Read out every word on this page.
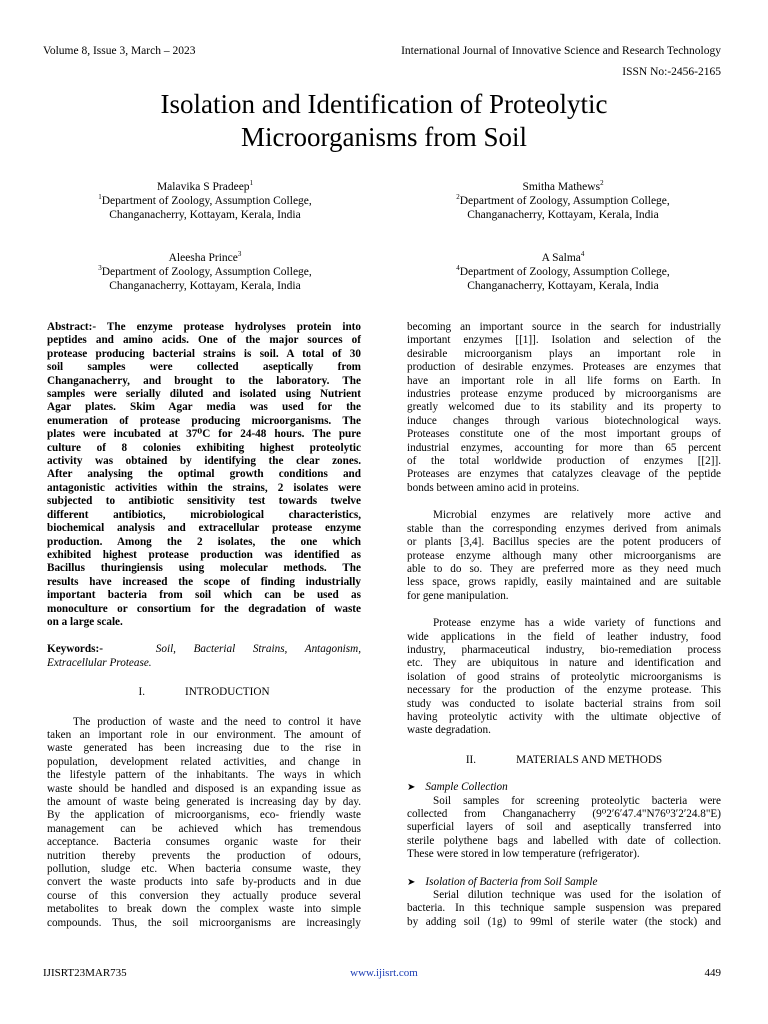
Volume 8, Issue 3, March – 2023	International Journal of Innovative Science and Research Technology
ISSN No:-2456-2165
Isolation and Identification of Proteolytic
Microorganisms from Soil
Malavika S Pradeep$^1$
$^1$Department of Zoology, Assumption College,
Changanacherry, Kottayam, Kerala, India
Smitha Mathews$^2$
$^2$Department of Zoology, Assumption College,
Changanacherry, Kottayam, Kerala, India
Aleesha Prince$^3$
$^3$Department of Zoology, Assumption College,
Changanacherry, Kottayam, Kerala, India
A Salma$^4$
$^4$Department of Zoology, Assumption College,
Changanacherry, Kottayam, Kerala, India
Abstract:- The enzyme protease hydrolyses protein into
peptides and amino acids. One of the major sources of
protease producing bacterial strains is soil. A total of 30
soil samples were collected aseptically from
Changanacherry, and brought to the laboratory. The
samples were serially diluted and isolated using Nutrient
Agar plates. Skim Agar media was used for the
enumeration of protease producing microorganisms. The
plates were incubated at 37⁰C for 24-48 hours. The pure
culture of 8 colonies exhibiting highest proteolytic
activity was obtained by identifying the clear zones.
After analysing the optimal growth conditions and
antagonistic activities within the strains, 2 isolates were
subjected to antibiotic sensitivity test towards twelve
different antibiotics, microbiological characteristics,
biochemical analysis and extracellular protease enzyme
production. Among the 2 isolates, the one which
exhibited highest protease production was identified as
Bacillus thuringiensis using molecular methods. The
results have increased the scope of finding industrially
important bacteria from soil which can be used as
monoculture or consortium for the degradation of waste
on a large scale.
Keywords:-	Soil, Bacterial Strains, Antagonism,
Extracellular Protease.
I.	INTRODUCTION
The production of waste and the need to control it have
taken an important role in our environment. The amount of
waste generated has been increasing due to the rise in
population, development related activities, and change in
the lifestyle pattern of the inhabitants. The ways in which
waste should be handled and disposed is an expanding issue as
the amount of waste being generated is increasing day by day.
By the application of microorganisms, eco- friendly waste
management can be achieved which has tremendous
acceptance. Bacteria consumes organic waste for their
nutrition thereby prevents the production of odours,
pollution, sludge etc. When bacteria consume waste, they
convert the waste products into safe by-products and in due
course of this conversion they actually produce several
metabolites to break down the complex waste into simple
compounds. Thus, the soil microorganisms are increasingly
becoming an important source in the search for industrially
important enzymes [[1]]. Isolation and selection of the
desirable microorganism plays an important role in
production of desirable enzymes. Proteases are enzymes that
have an important role in all life forms on Earth. In
industries protease enzyme produced by microorganisms are
greatly welcomed due to its stability and its property to
induce changes through various biotechnological ways.
Proteases constitute one of the most important groups of
industrial enzymes, accounting for more than 65 percent
of the total worldwide production of enzymes [[2]].
Proteases are enzymes that catalyzes cleavage of the peptide
bonds between amino acid in proteins.
Microbial enzymes are relatively more active and
stable than the corresponding enzymes derived from animals
or plants [3,4]. Bacillus species are the potent producers of
protease enzyme although many other microorganisms are
able to do so. They are preferred more as they need much
less space, grows rapidly, easily maintained and are suitable
for gene manipulation.
Protease enzyme has a wide variety of functions and
wide applications in the field of leather industry, food
industry, pharmaceutical industry, bio-remediation process
etc. They are ubiquitous in nature and identification and
isolation of good strains of proteolytic microorganisms is
necessary for the production of the enzyme protease. This
study was conducted to isolate bacterial strains from soil
having proteolytic activity with the ultimate objective of
waste degradation.
II.	MATERIALS AND METHODS
➤ Sample Collection
Soil samples for screening proteolytic bacteria were
collected from Changanacherry (9⁰2ʹ6ʹ47.4"N76⁰3ʹ2ʹ24.8"E)
superficial layers of soil and aseptically transferred into
sterile polythene bags and labelled with date of collection.
These were stored in low temperature (refrigerator).
➤ Isolation of Bacteria from Soil Sample
Serial dilution technique was used for the isolation of
bacteria. In this technique sample suspension was prepared
by adding soil (1g) to 99ml of sterile water (the stock) and
IJISRT23MAR735	www.ijisrt.com	449
